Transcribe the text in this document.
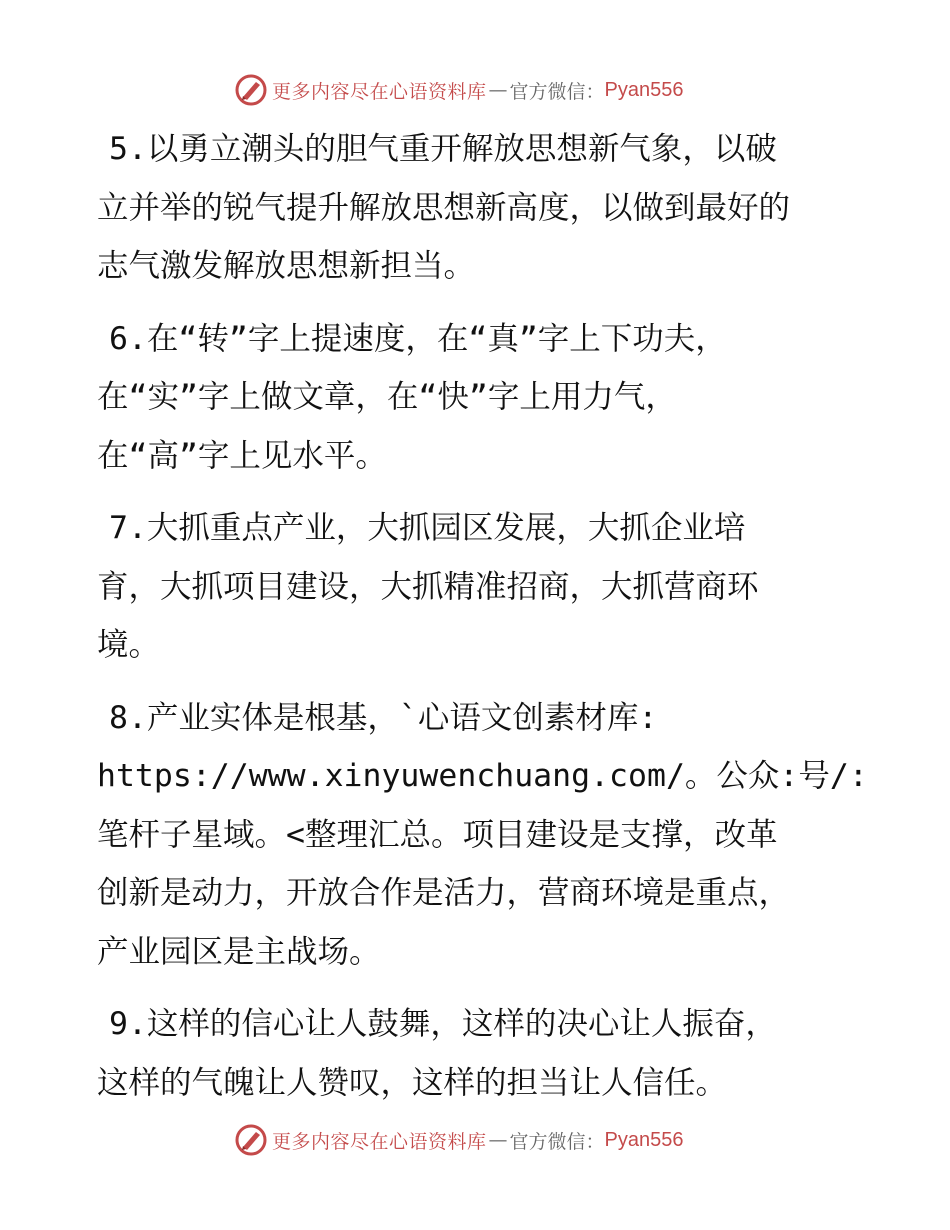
更多内容尽在心语资料库 — 官方微信： Pyan556
5.以勇立潮头的胆气重开解放思想新气象，以破
立并举的锐气提升解放思想新高度，以做到最好的
志气激发解放思想新担当。
6.在“转”字上提速度，在“真”字上下功夫，
在“实”字上做文章，在“快”字上用力气，
在“高”字上见水平。
7.大抓重点产业，大抓园区发展，大抓企业培
育，大抓项目建设，大抓精准招商，大抓营商环
境。
8.产业实体是根基，`心语文创素材库:
https://www.xinyuwenchuang.com/。公众:号/:
笔杆子星域。<整理汇总。项目建设是支撑，改革
创新是动力，开放合作是活力，营商环境是重点，
产业园区是主战场。
9.这样的信心让人鼓舞，这样的决心让人振奋，
这样的气魄让人赞叹，这样的担当让人信任。
更多内容尽在心语资料库 — 官方微信： Pyan556
